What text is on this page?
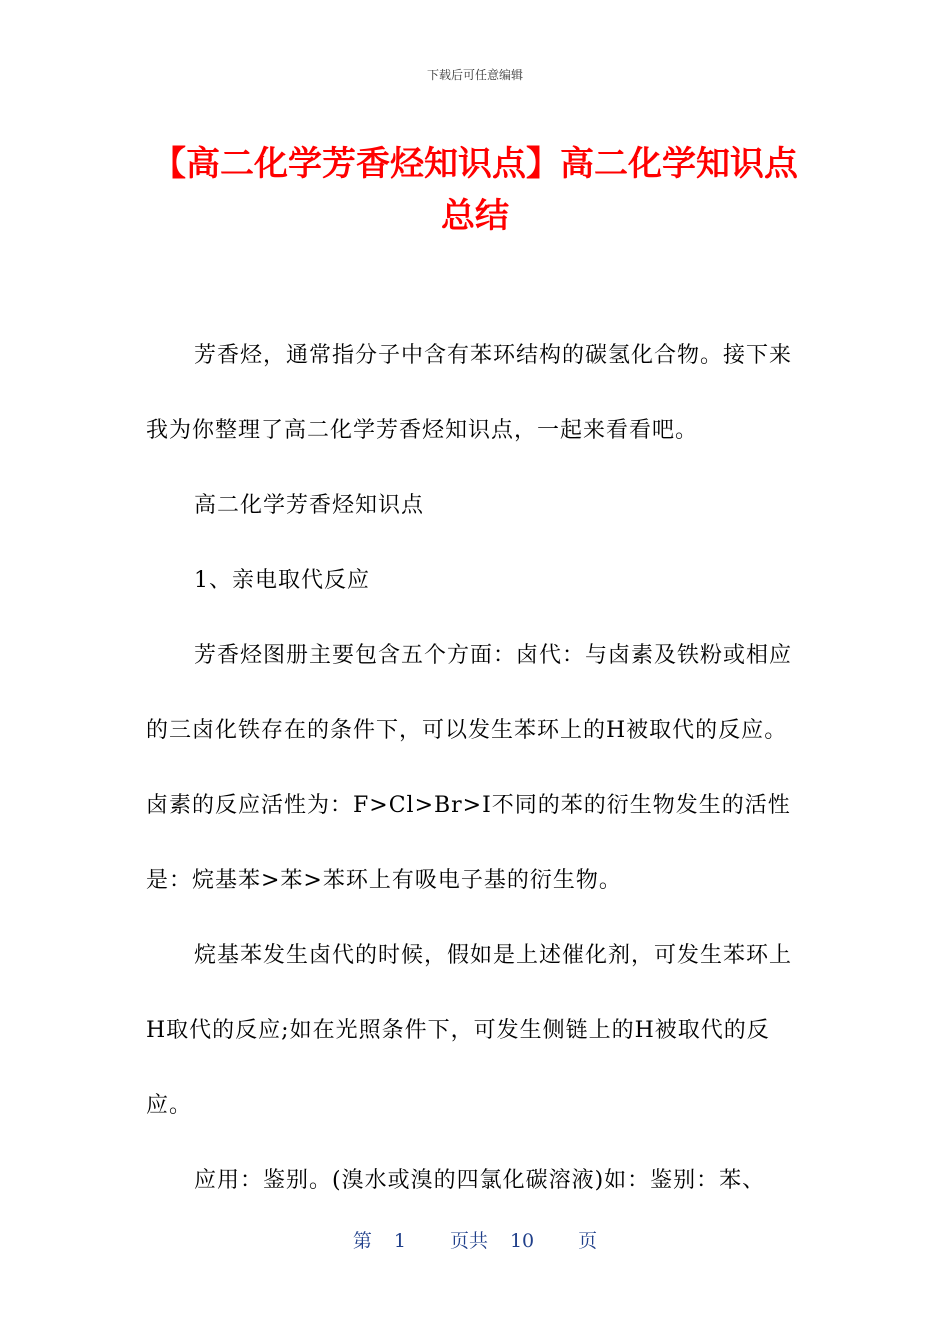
下载后可任意编辑
【高二化学芳香烃知识点】高二化学知识点总结

芳香烃，通常指分子中含有苯环结构的碳氢化合物。接下来我为你整理了高二化学芳香烃知识点，一起来看看吧。

高二化学芳香烃知识点

1、亲电取代反应

芳香烃图册主要包含五个方面：卤代：与卤素及铁粉或相应的三卤化铁存在的条件下，可以发生苯环上的H被取代的反应。卤素的反应活性为：F>Cl>Br>I不同的苯的衍生物发生的活性是：烷基苯>苯>苯环上有吸电子基的衍生物。

烷基苯发生卤代的时候，假如是上述催化剂，可发生苯环上H取代的反应;如在光照条件下，可发生侧链上的H被取代的反应。

应用：鉴别。(溴水或溴的四氯化碳溶液)如：鉴别：苯、

第 1 页共 10 页
